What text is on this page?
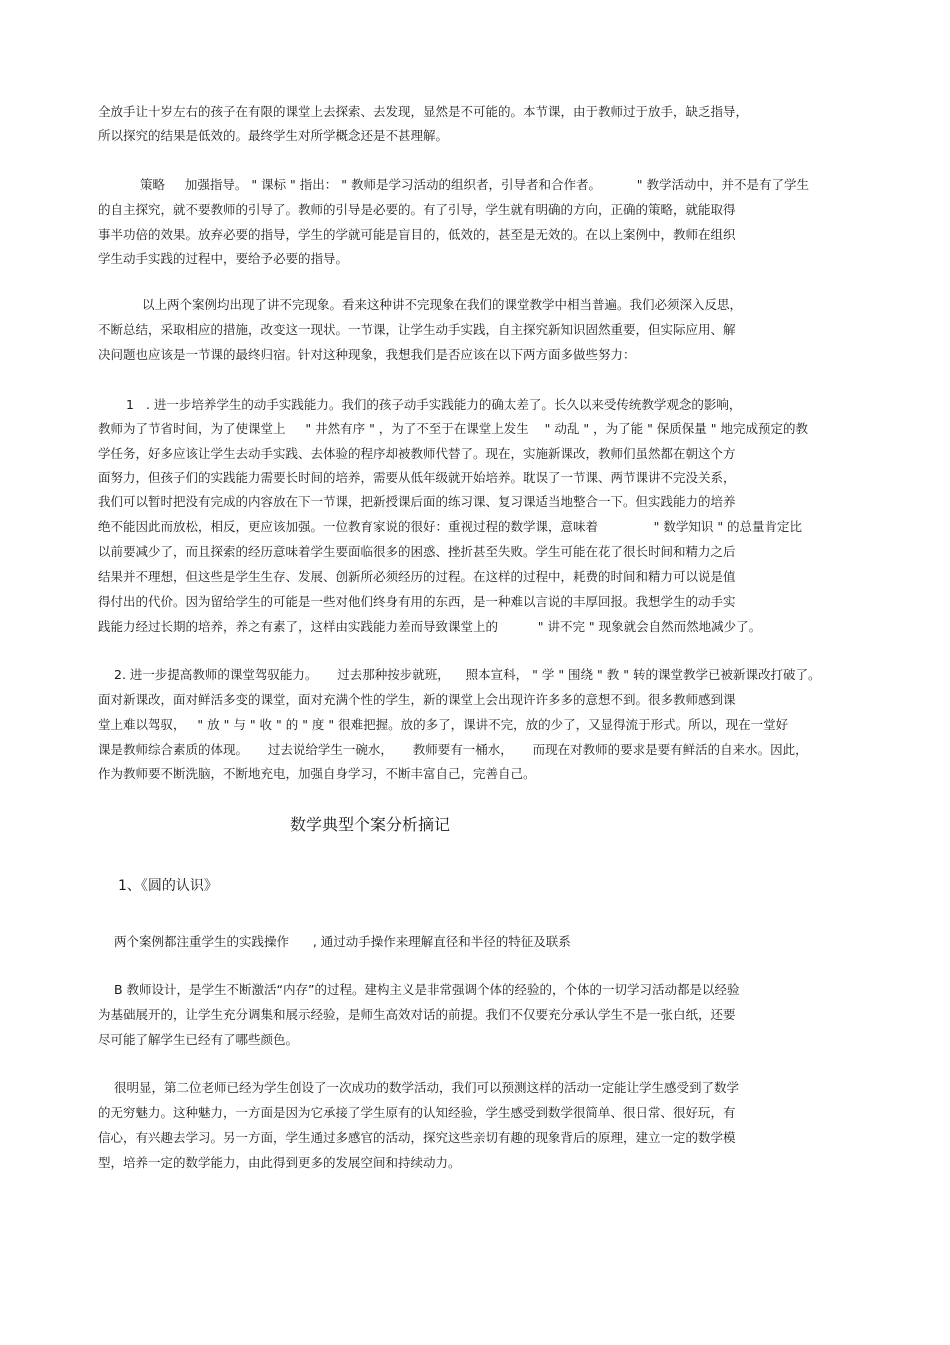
全放手让十岁左右的孩子在有限的课堂上去探索、去发现，显然是不可能的。本节课，由于教师过于放手，缺乏指导，
所以探究的结果是低效的。最终学生对所学概念还是不甚理解。
策略     加强指导。 " 课标 " 指出： " 教师是学习活动的组织者，引导者和合作者。         " 教学活动中，并不是有了学生
的自主探究，就不要教师的引导了。教师的引导是必要的。有了引导，学生就有明确的方向，正确的策略，就能取得
事半功倍的效果。放弃必要的指导，学生的学就可能是盲目的，低效的，甚至是无效的。在以上案例中，教师在组织
学生动手实践的过程中，要给予必要的指导。
以上两个案例均出现了讲不完现象。看来这种讲不完现象在我们的课堂教学中相当普遍。我们必须深入反思，
不断总结，采取相应的措施，改变这一现状。一节课，让学生动手实践，自主探究新知识固然重要，但实际应用、解
决问题也应该是一节课的最终归宿。针对这种现象，我想我们是否应该在以下两方面多做些努力：
1   . 进一步培养学生的动手实践能力。我们的孩子动手实践能力的确太差了。长久以来受传统教学观念的影响，
教师为了节省时间，为了使课堂上     " 井然有序 " ，为了不至于在课堂上发生    " 动乱 " ，为了能 " 保质保量 " 地完成预定的教
学任务，好多应该让学生去动手实践、去体验的程序却被教师代替了。现在，实施新课改，教师们虽然都在朝这个方
面努力，但孩子们的实践能力需要长时间的培养，需要从低年级就开始培养。耽误了一节课、两节课讲不完没关系，
我们可以暂时把没有完成的内容放在下一节课，把新授课后面的练习课、复习课适当地整合一下。但实践能力的培养
绝不能因此而放松，相反，更应该加强。一位教育家说的很好：重视过程的数学课，意味着              " 数学知识 " 的总量肯定比
以前要减少了，而且探索的经历意味着学生要面临很多的困惑、挫折甚至失败。学生可能在花了很长时间和精力之后
结果并不理想，但这些是学生生存、发展、创新所必须经历的过程。在这样的过程中，耗费的时间和精力可以说是值
得付出的代价。因为留给学生的可能是一些对他们终身有用的东西，是一种难以言说的丰厚回报。我想学生的动手实
践能力经过长期的培养，养之有素了，这样由实践能力差而导致课堂上的          " 讲不完 " 现象就会自然而然地减少了。
2. 进一步提高教师的课堂驾驭能力。     过去那种按步就班，    照本宣科， " 学 " 围绕 " 教 " 转的课堂教学已被新课改打破了。
面对新课改，面对鲜活多变的课堂，面对充满个性的学生，新的课堂上会出现许许多多的意想不到。很多教师感到课
堂上难以驾驭，   " 放 " 与 " 收 " 的 " 度 " 很难把握。放的多了，课讲不完，放的少了，又显得流于形式。所以，现在一堂好
课是教师综合素质的体现。     过去说给学生一碗水，     教师要有一桶水，     而现在对教师的要求是要有鲜活的自来水。因此，
作为教师要不断洗脑，不断地充电，加强自身学习，不断丰富自己，完善自己。
数学典型个案分析摘记
1、《圆的认识》
两个案例都注重学生的实践操作      , 通过动手操作来理解直径和半径的特征及联系
B 教师设计，是学生不断激活“内存”的过程。建构主义是非常强调个体的经验的，个体的一切学习活动都是以经验
为基础展开的，让学生充分调集和展示经验，是师生高效对话的前提。我们不仅要充分承认学生不是一张白纸，还要
尽可能了解学生已经有了哪些颜色。
很明显，第二位老师已经为学生创设了一次成功的数学活动，我们可以预测这样的活动一定能让学生感受到了数学
的无穷魅力。这种魅力，一方面是因为它承接了学生原有的认知经验，学生感受到数学很简单、很日常、很好玩，有
信心，有兴趣去学习。另一方面，学生通过多感官的活动，探究这些亲切有趣的现象背后的原理，建立一定的数学模
型，培养一定的数学能力，由此得到更多的发展空间和持续动力。
